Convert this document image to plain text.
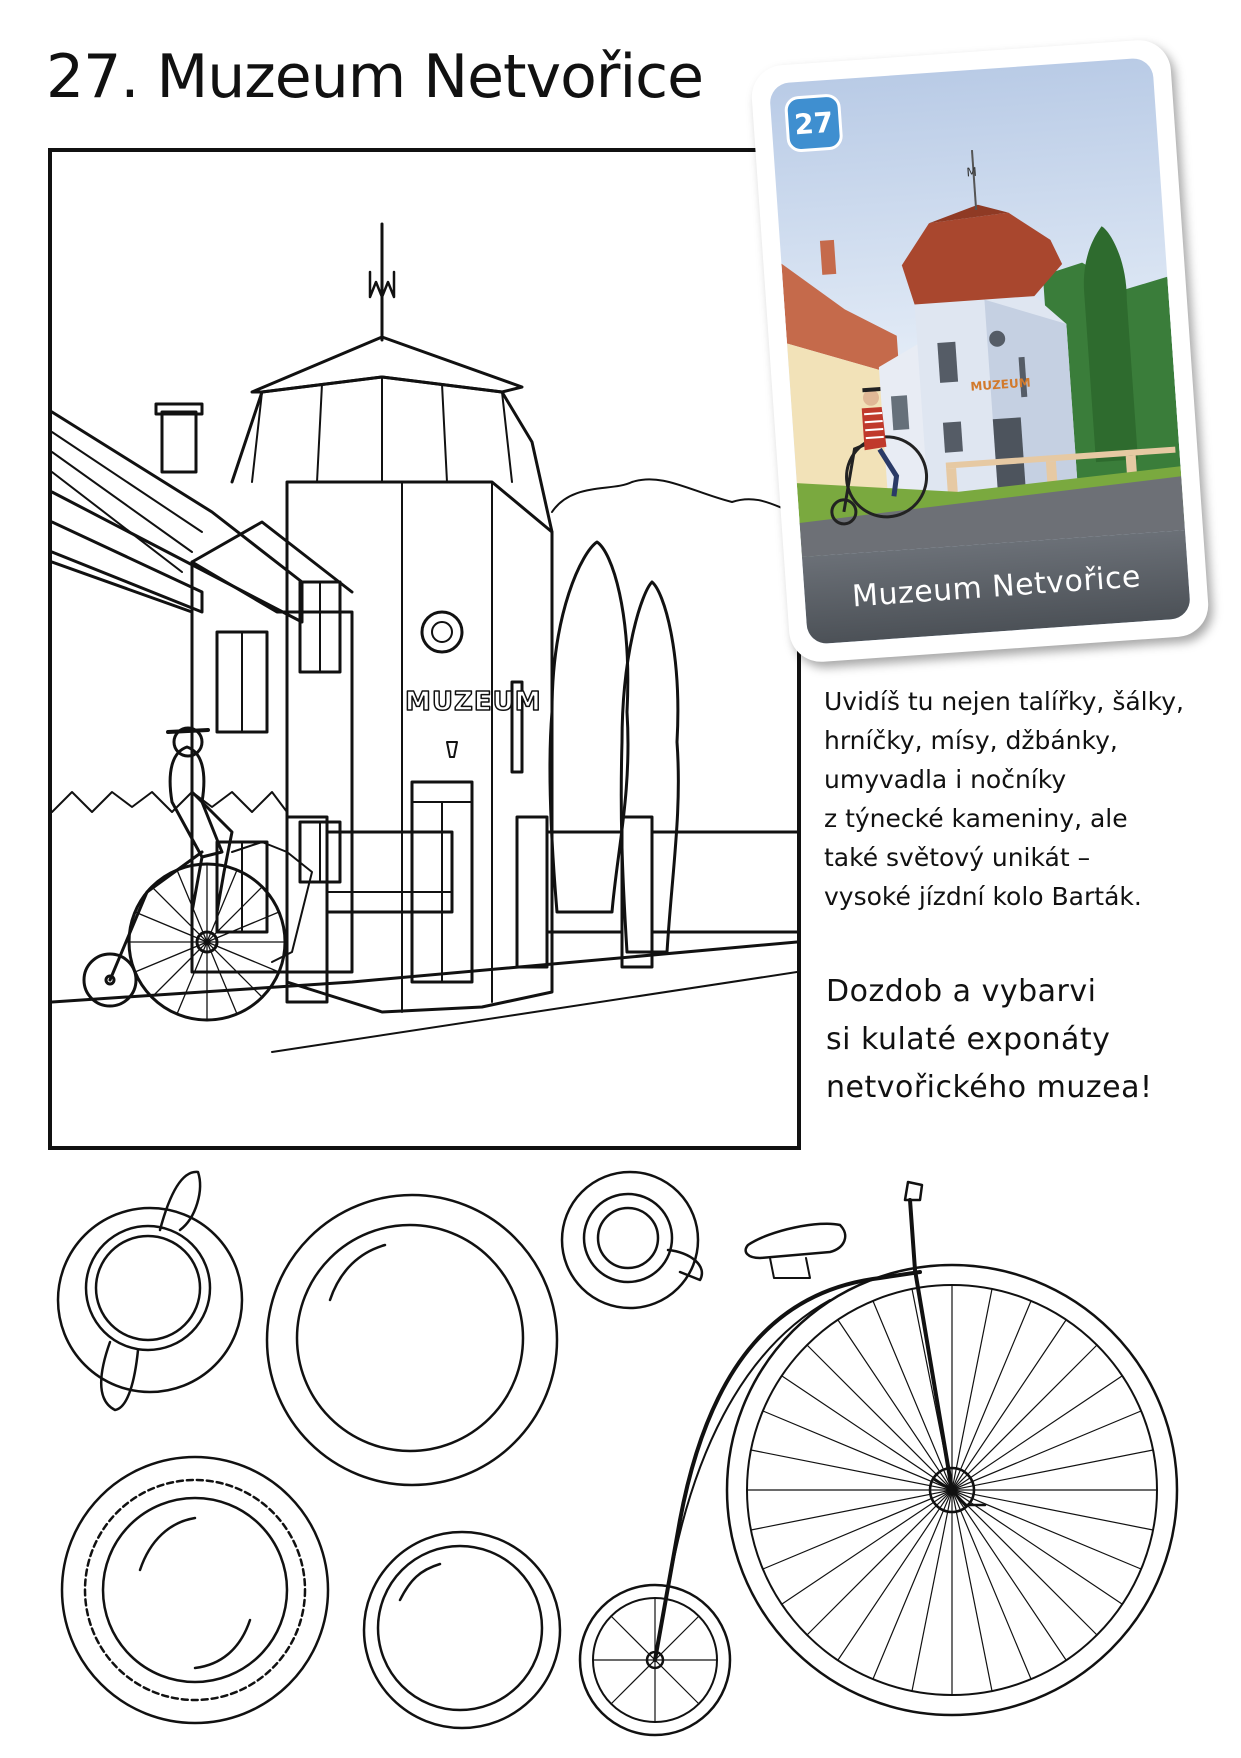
27. Muzeum Netvořice
MUZEUM
M
MUZEUM
27
Muzeum Netvořice
Uvidíš tu nejen talířky, šálky,
hrníčky, mísy, džbánky,
umyvadla i nočníky
z týnecké kameniny, ale
také světový unikát –
vysoké jízdní kolo Barták.
Dozdob a vybarvi
si kulaté exponáty
netvořického muzea!
